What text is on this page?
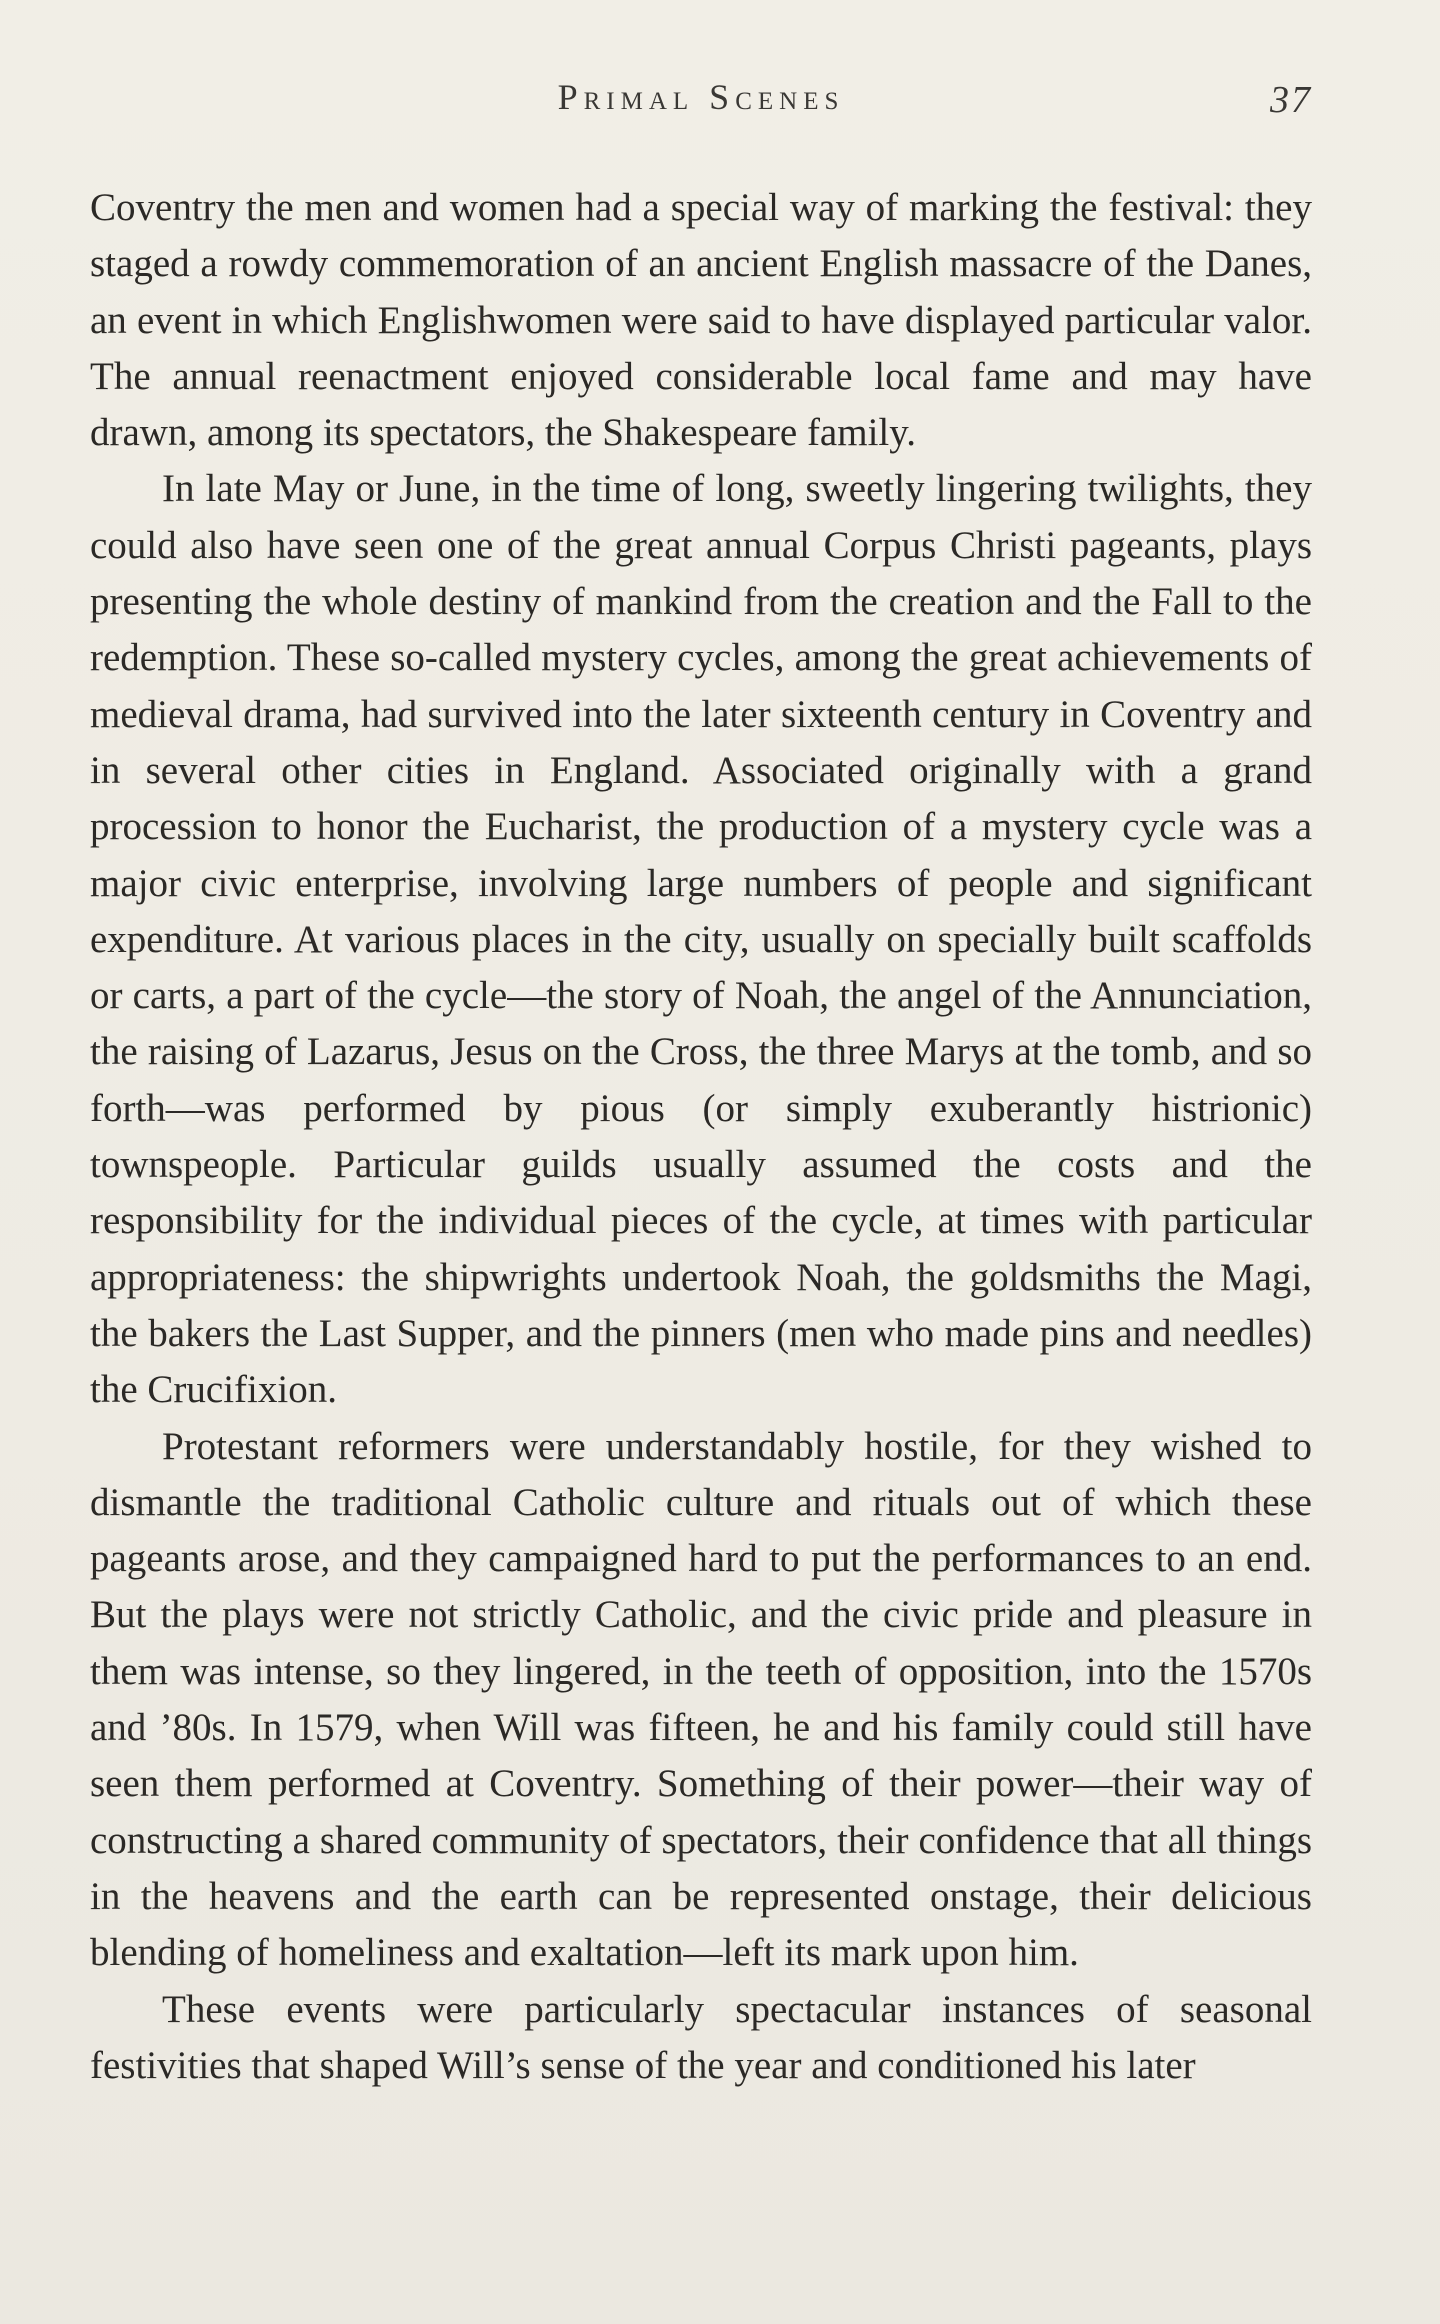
Primal Scenes	37

Coventry the men and women had a special way of marking the festival: they staged a rowdy commemoration of an ancient English massacre of the Danes, an event in which Englishwomen were said to have displayed particular valor. The annual reenactment enjoyed considerable local fame and may have drawn, among its spectators, the Shakespeare family.

In late May or June, in the time of long, sweetly lingering twilights, they could also have seen one of the great annual Corpus Christi pageants, plays presenting the whole destiny of mankind from the creation and the Fall to the redemption. These so-called mystery cycles, among the great achievements of medieval drama, had survived into the later sixteenth century in Coventry and in several other cities in England. Associated originally with a grand procession to honor the Eucharist, the production of a mystery cycle was a major civic enterprise, involving large numbers of people and significant expenditure. At various places in the city, usually on specially built scaffolds or carts, a part of the cycle—the story of Noah, the angel of the Annunciation, the raising of Lazarus, Jesus on the Cross, the three Marys at the tomb, and so forth—was performed by pious (or simply exuberantly histrionic) townspeople. Particular guilds usually assumed the costs and the responsibility for the individual pieces of the cycle, at times with particular appropriateness: the shipwrights undertook Noah, the goldsmiths the Magi, the bakers the Last Supper, and the pinners (men who made pins and needles) the Crucifixion.

Protestant reformers were understandably hostile, for they wished to dismantle the traditional Catholic culture and rituals out of which these pageants arose, and they campaigned hard to put the performances to an end. But the plays were not strictly Catholic, and the civic pride and pleasure in them was intense, so they lingered, in the teeth of opposition, into the 1570s and ’80s. In 1579, when Will was fifteen, he and his family could still have seen them performed at Coventry. Something of their power—their way of constructing a shared community of spectators, their confidence that all things in the heavens and the earth can be represented onstage, their delicious blending of homeliness and exaltation—left its mark upon him.

These events were particularly spectacular instances of seasonal festivities that shaped Will’s sense of the year and conditioned his later
